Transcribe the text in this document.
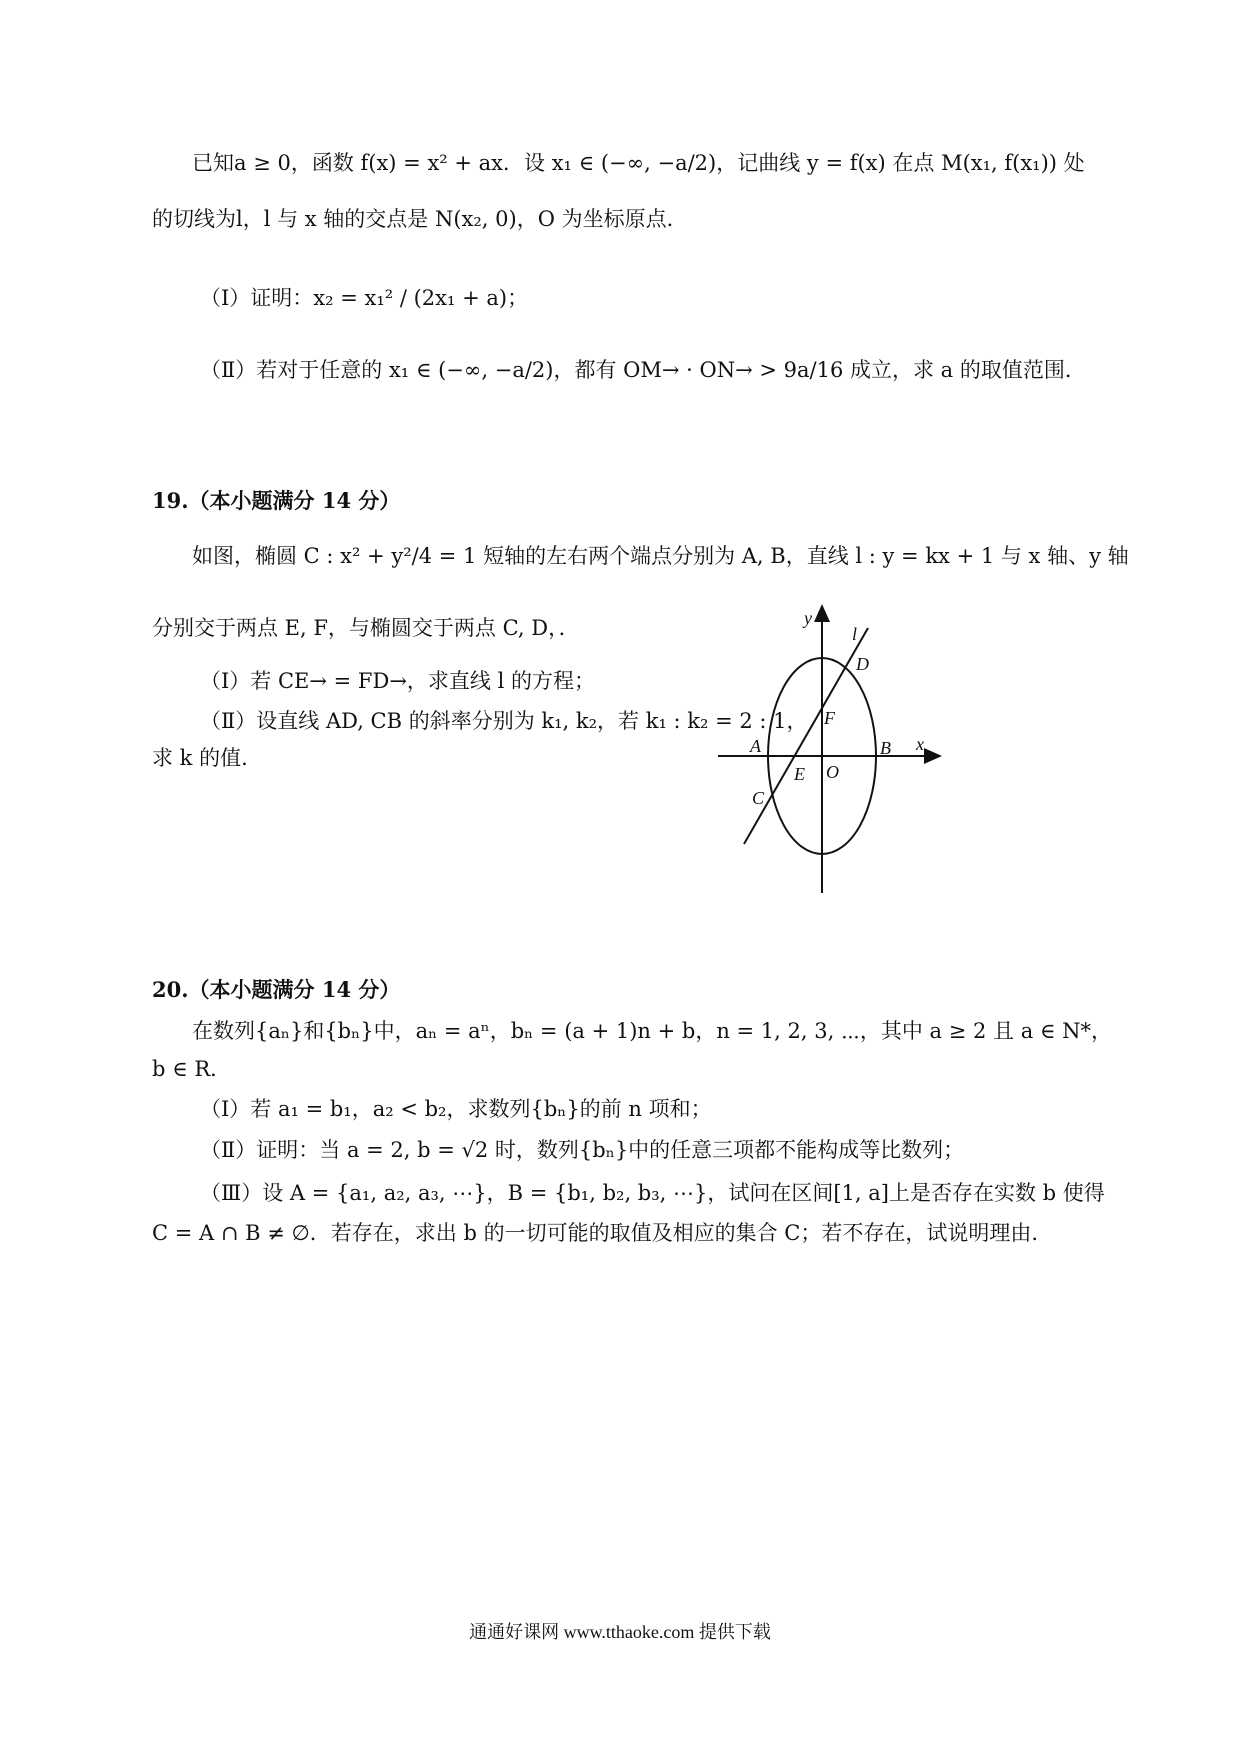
已知a ≥ 0，函数 f(x) = x² + ax．设 x₁ ∈ (−∞, −a/2)，记曲线 y = f(x) 在点 M(x₁, f(x₁)) 处
的切线为l，l 与 x 轴的交点是 N(x₂, 0)，O 为坐标原点．
（Ⅰ）证明：x₂ = x₁² / (2x₁ + a)；
（Ⅱ）若对于任意的 x₁ ∈ (−∞, −a/2)，都有 OM→ · ON→ > 9a/16 成立，求 a 的取值范围．
19.（本小题满分 14 分）
如图，椭圆 C : x² + y²/4 = 1 短轴的左右两个端点分别为 A, B，直线 l : y = kx + 1 与 x 轴、y 轴
分别交于两点 E, F，与椭圆交于两点 C, D，．
（Ⅰ）若 CE→ = FD→，求直线 l 的方程；
（Ⅱ）设直线 AD, CB 的斜率分别为 k₁, k₂，若 k₁ : k₂ = 2 : 1，
求 k 的值.
y
l
D
F
A	B x
E O
C
20.（本小题满分 14 分）
在数列{aₙ}和{bₙ}中，aₙ = aⁿ，bₙ = (a + 1)n + b，n = 1, 2, 3, ⋯，其中 a ≥ 2 且 a ∈ N*，
b ∈ R．
（Ⅰ）若 a₁ = b₁，a₂ < b₂，求数列{bₙ}的前 n 项和；
（Ⅱ）证明：当 a = 2, b = √2 时，数列{bₙ}中的任意三项都不能构成等比数列；
（Ⅲ）设 A = {a₁, a₂, a₃, ⋯}，B = {b₁, b₂, b₃, ⋯}，试问在区间[1, a]上是否存在实数 b 使得
C = A ∩ B ≠ ∅．若存在，求出 b 的一切可能的取值及相应的集合 C；若不存在，试说明理由.
通通好课网 www.tthaoke.com 提供下载
